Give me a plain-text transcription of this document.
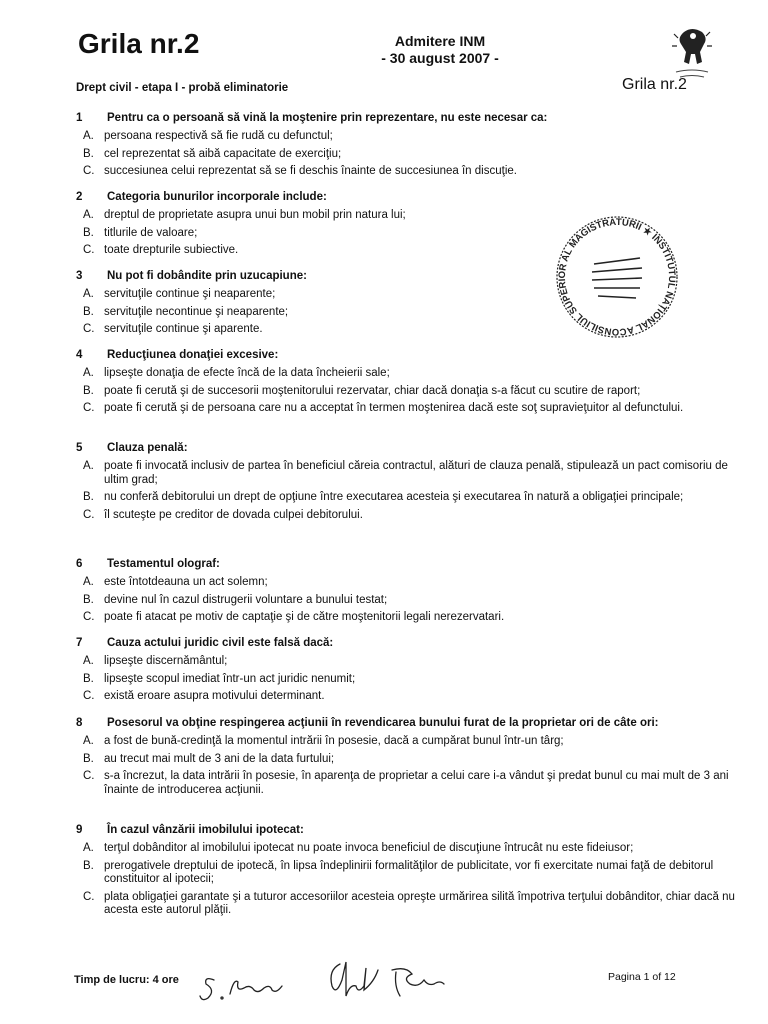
Grila nr.2	Admitere INM
- 30 august 2007 -
Drept civil - etapa I - probă eliminatorie	Grila nr.2
CONSILIUL SUPERIOR AL MAGISTRATURII ★ INSTITUTUL NAȚIONAL AL
1	Pentru ca o persoană să vină la moştenire prin reprezentare, nu este necesar ca:
A. persoana respectivă să fie rudă cu defunctul;
B. cel reprezentat să aibă capacitate de exerciţiu;
C. succesiunea celui reprezentat să se fi deschis înainte de succesiunea în discuţie.
2	Categoria bunurilor incorporale include:
A. dreptul de proprietate asupra unui bun mobil prin natura lui;
B. titlurile de valoare;
C. toate drepturile subiective.
3	Nu pot fi dobândite prin uzucapiune:
A. servituţile continue şi neaparente;
B. servituţile necontinue şi neaparente;
C. servituţile continue şi aparente.
4	Reducţiunea donaţiei excesive:
A. lipseşte donaţia de efecte încă de la data încheierii sale;
B. poate fi cerută şi de succesorii moştenitorului rezervatar, chiar dacă donaţia s-a făcut cu scutire de raport;
C. poate fi cerută şi de persoana care nu a acceptat în termen moştenirea dacă este soţ supravieţuitor al defunctului.
5	Clauza penală:
A. poate fi invocată inclusiv de partea în beneficiul căreia contractul, alături de clauza penală, stipulează un pact comisoriu de ultim grad;
B. nu conferă debitorului un drept de opţiune între executarea acesteia şi executarea în natură a obligaţiei principale;
C. îl scuteşte pe creditor de dovada culpei debitorului.
6	Testamentul olograf:
A. este întotdeauna un act solemn;
B. devine nul în cazul distrugerii voluntare a bunului testat;
C. poate fi atacat pe motiv de captaţie şi de către moştenitorii legali nerezervatari.
7	Cauza actului juridic civil este falsă dacă:
A. lipseşte discernământul;
B. lipseşte scopul imediat într-un act juridic nenumit;
C. există eroare asupra motivului determinant.
8	Posesorul va obţine respingerea acţiunii în revendicarea bunului furat de la proprietar ori de câte ori:
A. a fost de bună-credinţă la momentul intrării în posesie, dacă a cumpărat bunul într-un târg;
B. au trecut mai mult de 3 ani de la data furtului;
C. s-a încrezut, la data intrării în posesie, în aparenţa de proprietar a celui care i-a vândut şi predat bunul cu mai mult de 3 ani înainte de introducerea acţiunii.
9	În cazul vânzării imobilului ipotecat:
A. terţul dobânditor al imobilului ipotecat nu poate invoca beneficiul de discuţiune întrucât nu este fideiusor;
B. prerogativele dreptului de ipotecă, în lipsa îndeplinirii formalităţilor de publicitate, vor fi exercitate numai faţă de debitorul constituitor al ipotecii;
C. plata obligaţiei garantate şi a tuturor accesoriilor acesteia opreşte urmărirea silită împotriva terţului dobânditor, chiar dacă nu acesta este autorul plăţii.
Timp de lucru: 4 ore	Pagina 1 of 12
